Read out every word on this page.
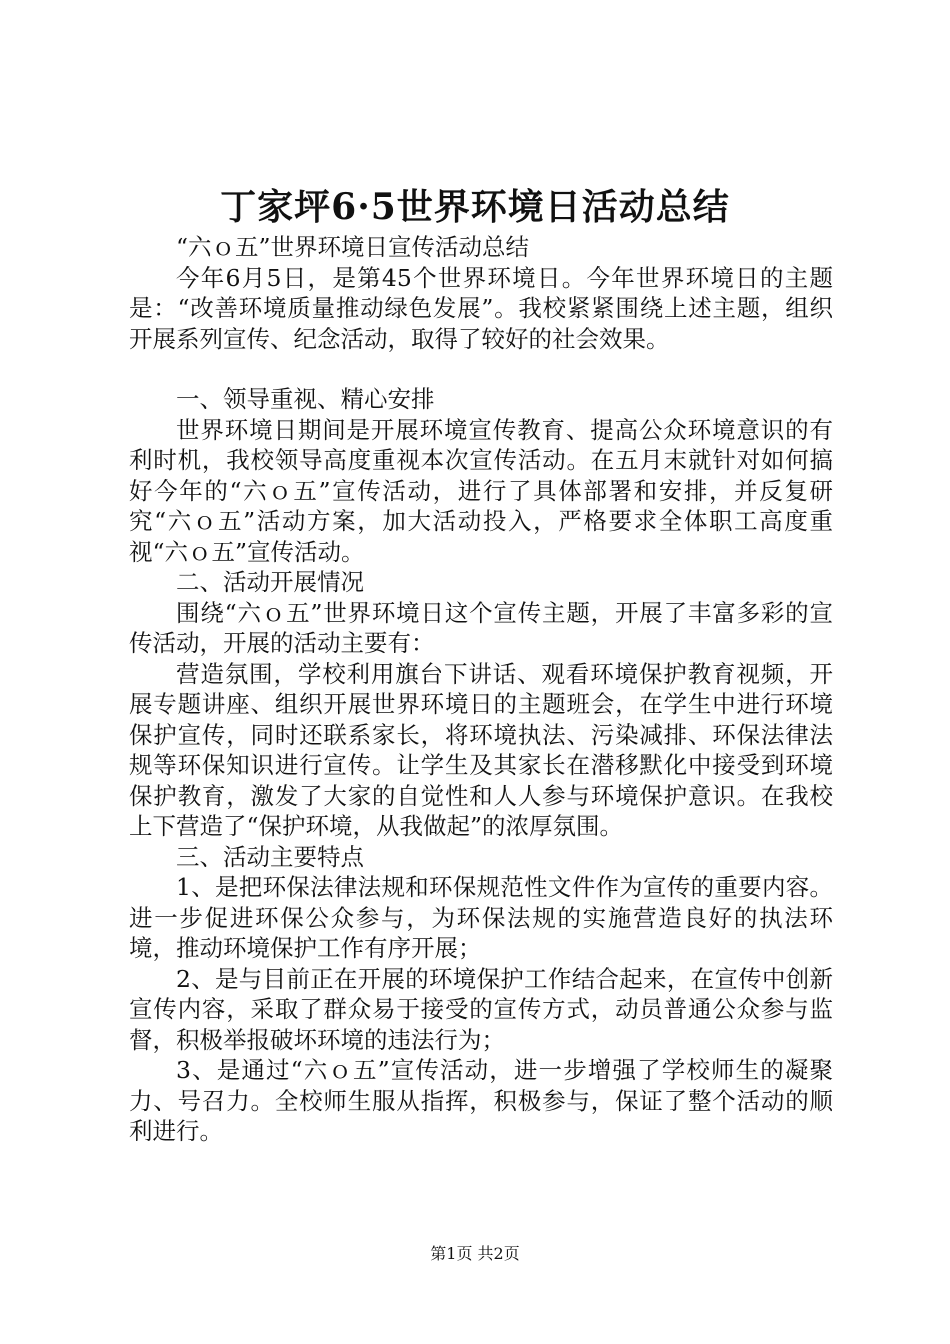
丁家坪6·5世界环境日活动总结

“六ｏ五”世界环境日宣传活动总结

今年6月5日，是第45个世界环境日。今年世界环境日的主题是：“改善环境质量推动绿色发展”。我校紧紧围绕上述主题，组织开展系列宣传、纪念活动，取得了较好的社会效果。

一、领导重视、精心安排

世界环境日期间是开展环境宣传教育、提高公众环境意识的有利时机，我校领导高度重视本次宣传活动。在五月末就针对如何搞好今年的“六ｏ五”宣传活动，进行了具体部署和安排，并反复研究“六ｏ五”活动方案，加大活动投入，严格要求全体职工高度重视“六ｏ五”宣传活动。

二、活动开展情况

围绕“六ｏ五”世界环境日这个宣传主题，开展了丰富多彩的宣传活动，开展的活动主要有：

营造氛围，学校利用旗台下讲话、观看环境保护教育视频，开展专题讲座、组织开展世界环境日的主题班会，在学生中进行环境保护宣传，同时还联系家长，将环境执法、污染减排、环保法律法规等环保知识进行宣传。让学生及其家长在潜移默化中接受到环境保护教育，激发了大家的自觉性和人人参与环境保护意识。在我校上下营造了“保护环境，从我做起”的浓厚氛围。

三、活动主要特点

1、是把环保法律法规和环保规范性文件作为宣传的重要内容。进一步促进环保公众参与，为环保法规的实施营造良好的执法环境，推动环境保护工作有序开展；

2、是与目前正在开展的环境保护工作结合起来，在宣传中创新宣传内容，采取了群众易于接受的宣传方式，动员普通公众参与监督，积极举报破坏环境的违法行为；

3、是通过“六ｏ五”宣传活动，进一步增强了学校师生的凝聚力、号召力。全校师生服从指挥，积极参与，保证了整个活动的顺利进行。

第1页 共2页
